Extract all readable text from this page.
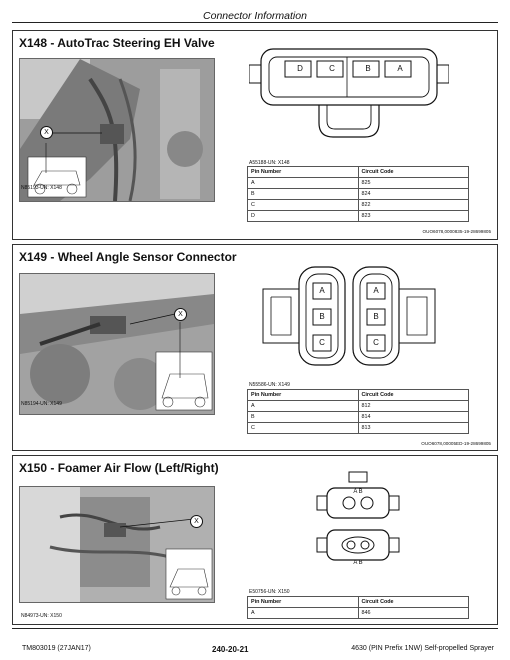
Connector Information
X148 - AutoTrac Steering EH Valve
X
N85193-UN: X148
D	C	B	A
A55188-UN: X148
Pin Number	Circuit Code
A	825
B	824
C	822
D	823
OUO6078,0000835-19-28699805
X149 - Wheel Angle Sensor Connector
X
N85194-UN: X149
A
B
C
A
B
C
N55586-UN: X149
Pin Number	Circuit Code
A	812
B	814
C	813
OUO6078,00005ED-19-28699805
X150 - Foamer Air Flow (Left/Right)
X
N84973-UN: X150
A B
A B
E50756-UN: X150
Pin Number	Circuit Code
A	846
TM803019 (27JAN17)	240-20-21	4630 (PIN Prefix 1NW) Self-propelled Sprayer
